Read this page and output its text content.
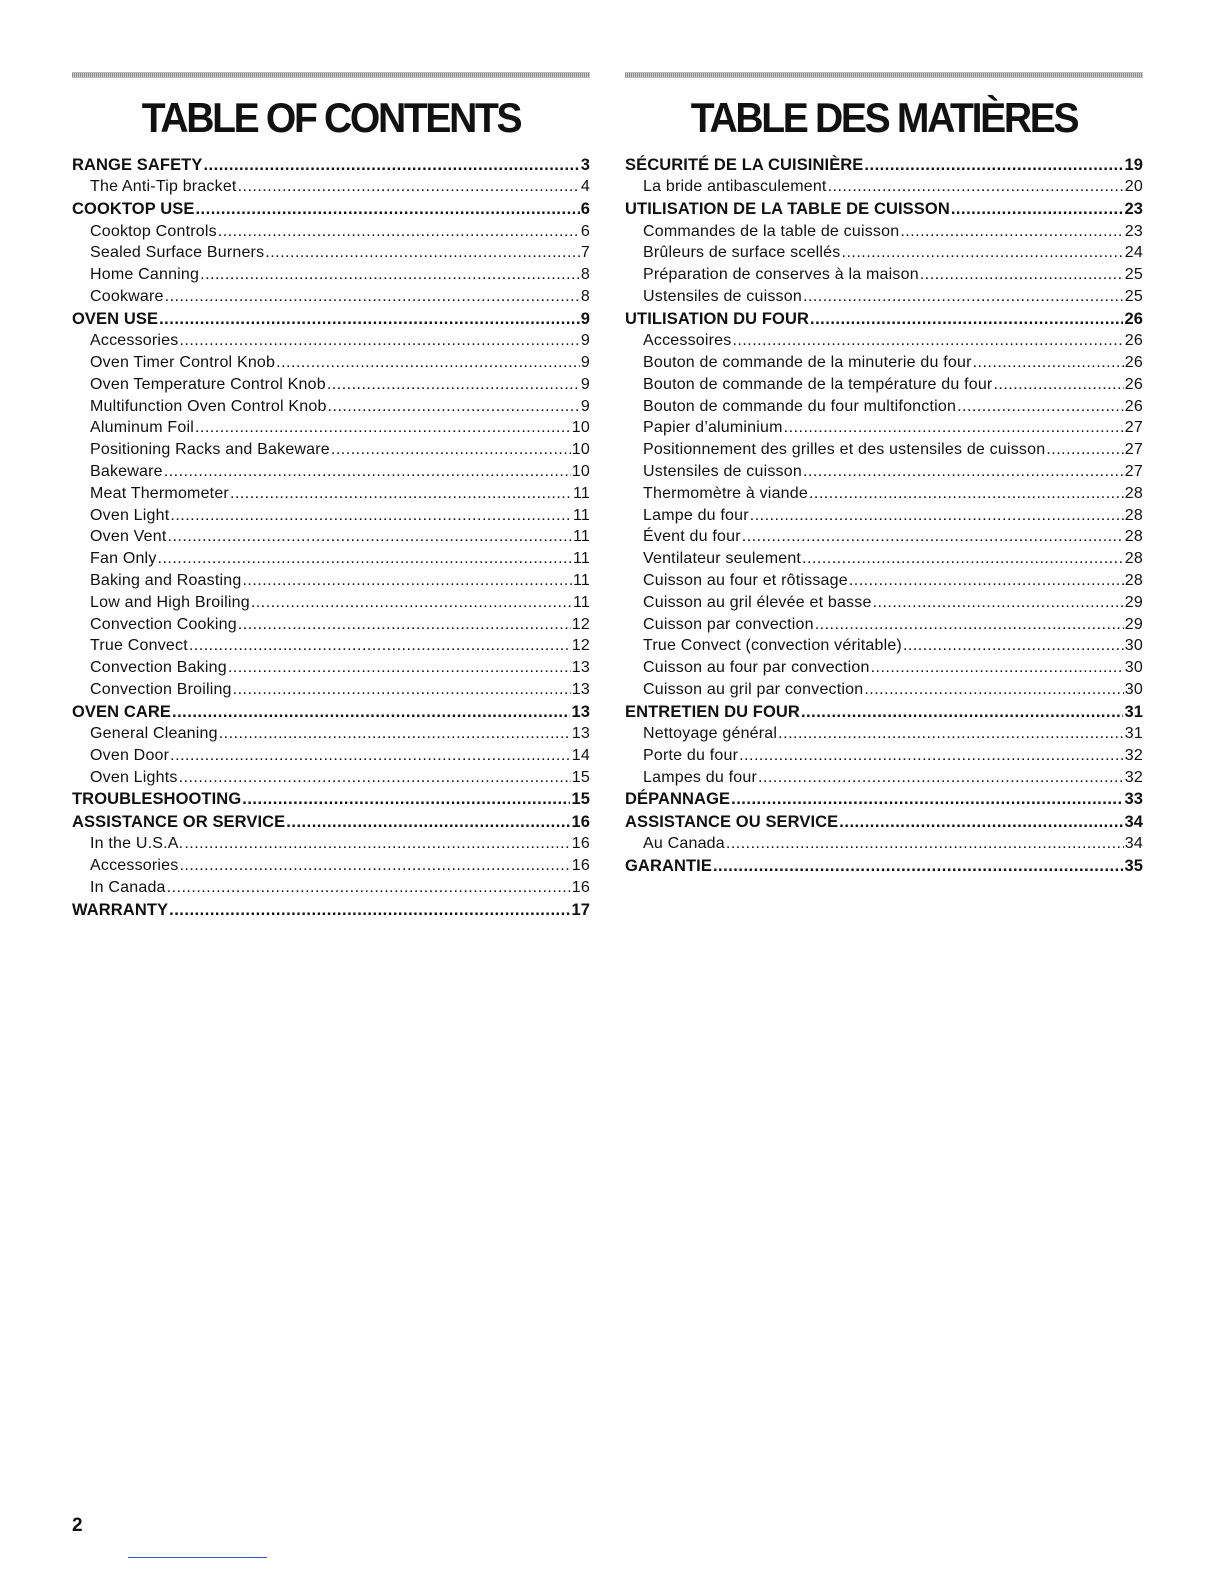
TABLE OF CONTENTS
RANGE SAFETY .....	3
The Anti-Tip bracket .....	4
COOKTOP USE .....	6
Cooktop Controls .....	6
Sealed Surface Burners .....	7
Home Canning .....	8
Cookware .....	8
OVEN USE .....	9
Accessories .....	9
Oven Timer Control Knob .....	9
Oven Temperature Control Knob .....	9
Multifunction Oven Control Knob .....	9
Aluminum Foil .....	10
Positioning Racks and Bakeware .....	10
Bakeware .....	10
Meat Thermometer .....	11
Oven Light .....	11
Oven Vent .....	11
Fan Only .....	11
Baking and Roasting .....	11
Low and High Broiling .....	11
Convection Cooking .....	12
True Convect .....	12
Convection Baking .....	13
Convection Broiling .....	13
OVEN CARE .....	13
General Cleaning .....	13
Oven Door .....	14
Oven Lights .....	15
TROUBLESHOOTING .....	15
ASSISTANCE OR SERVICE .....	16
In the U.S.A. .....	16
Accessories .....	16
In Canada .....	16
WARRANTY .....	17
TABLE DES MATIÈRES
SÉCURITÉ DE LA CUISINIÈRE .....	19
La bride antibasculement .....	20
UTILISATION DE LA TABLE DE CUISSON .....	23
Commandes de la table de cuisson .....	23
Brûleurs de surface scellés .....	24
Préparation de conserves à la maison .....	25
Ustensiles de cuisson .....	25
UTILISATION DU FOUR .....	26
Accessoires .....	26
Bouton de commande de la minuterie du four .....	26
Bouton de commande de la température du four .....	26
Bouton de commande du four multifonction .....	26
Papier d’aluminium .....	27
Positionnement des grilles et des ustensiles de cuisson .....	27
Ustensiles de cuisson .....	27
Thermomètre à viande .....	28
Lampe du four .....	28
Évent du four .....	28
Ventilateur seulement .....	28
Cuisson au four et rôtissage .....	28
Cuisson au gril élevée et basse .....	29
Cuisson par convection .....	29
True Convect (convection véritable) .....	30
Cuisson au four par convection .....	30
Cuisson au gril par convection .....	30
ENTRETIEN DU FOUR .....	31
Nettoyage général .....	31
Porte du four .....	32
Lampes du four .....	32
DÉPANNAGE .....	33
ASSISTANCE OU SERVICE .....	34
Au Canada .....	34
GARANTIE .....	35
2
